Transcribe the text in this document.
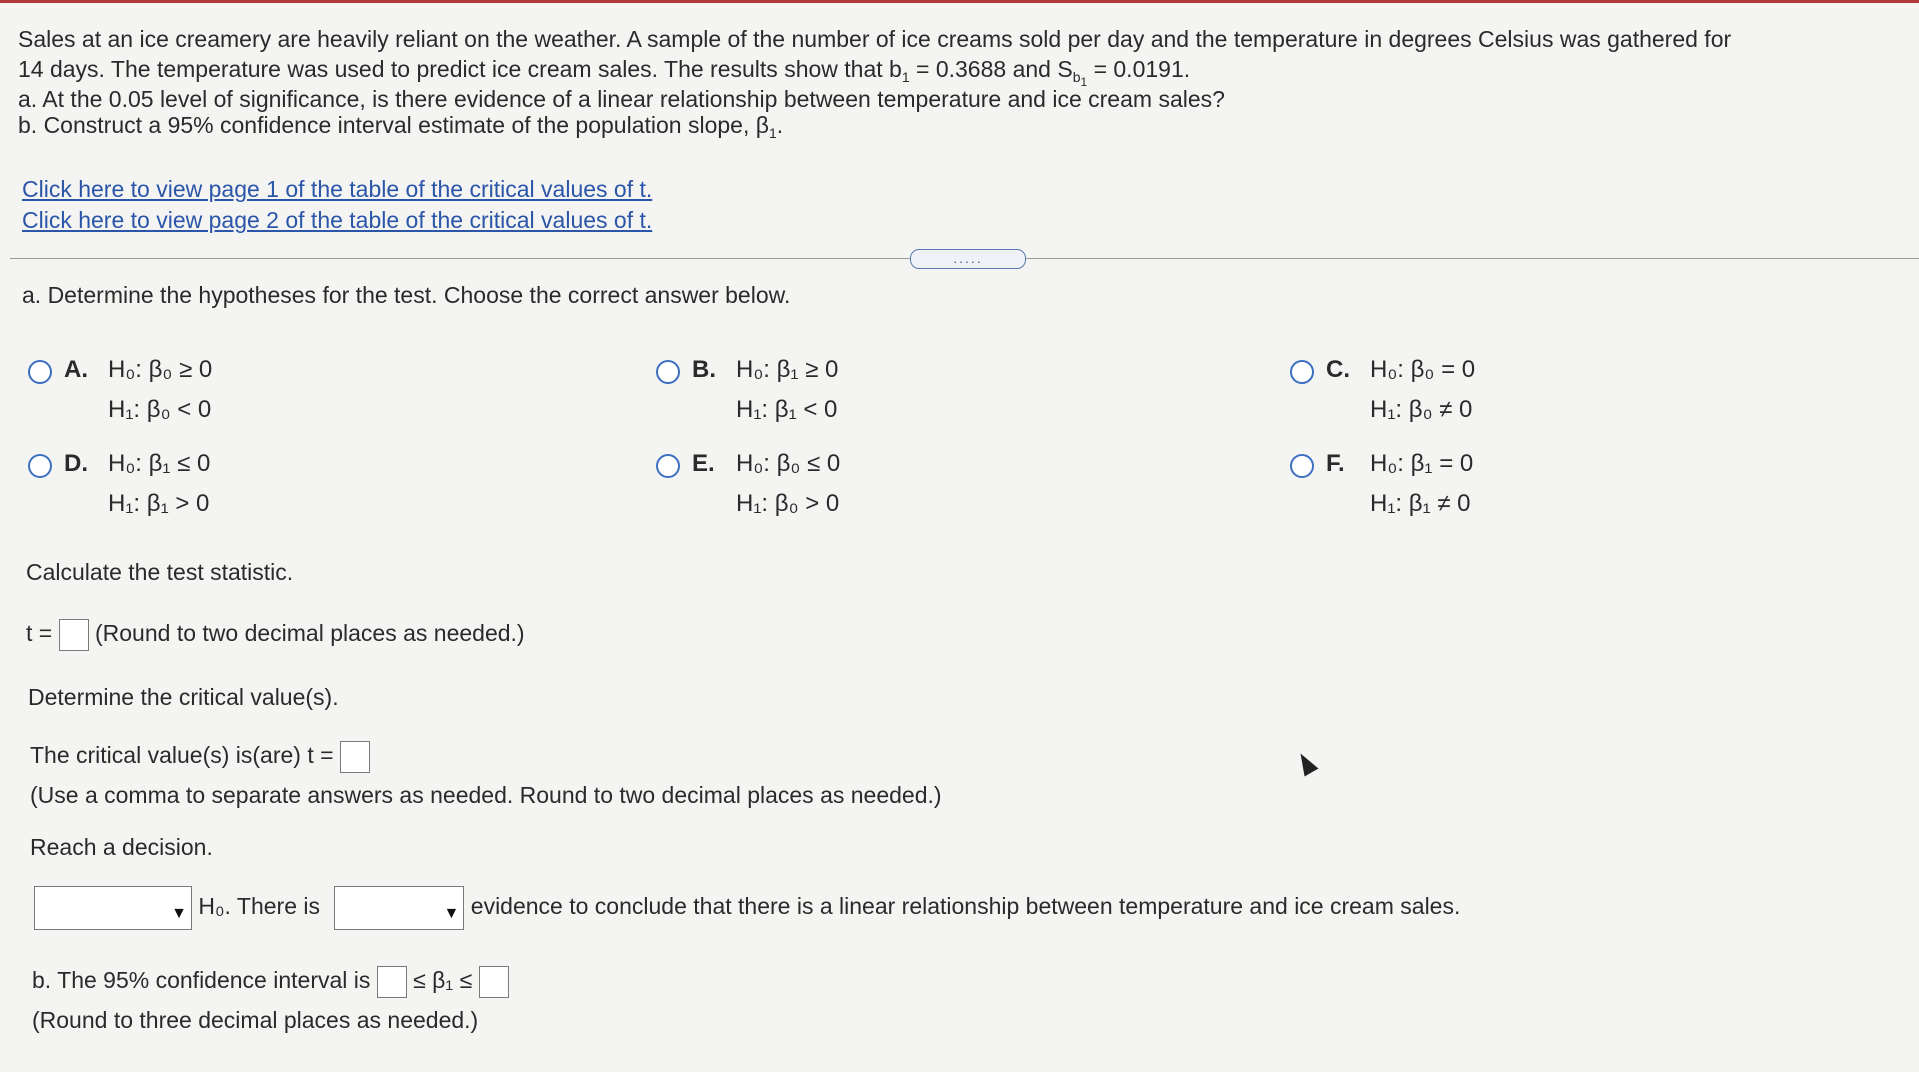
Sales at an ice creamery are heavily reliant on the weather. A sample of the number of ice creams sold per day and the temperature in degrees Celsius was gathered for
14 days. The temperature was used to predict ice cream sales. The results show that $b_1 = 0.3688$ and $S_{b1} = 0.0191$.
a. At the 0.05 level of significance, is there evidence of a linear relationship between temperature and ice cream sales?
b. Construct a 95% confidence interval estimate of the population slope, $\beta_1$.
Click here to view page 1 of the table of the critical values of t.
Click here to view page 2 of the table of the critical values of t.
.....
a. Determine the hypotheses for the test. Choose the correct answer below.
A. H₀: β₀ ≥ 0
H₁: β₀ < 0
B. H₀: β₁ ≥ 0
H₁: β₁ < 0
C. H₀: β₀ = 0
H₁: β₀ ≠ 0
D. H₀: β₁ ≤ 0
H₁: β₁ > 0
E. H₀: β₀ ≤ 0
H₁: β₀ > 0
F. H₀: β₁ = 0
H₁: β₁ ≠ 0
Calculate the test statistic.
t = (Round to two decimal places as needed.)
Determine the critical value(s).
The critical value(s) is(are) t =
(Use a comma to separate answers as needed. Round to two decimal places as needed.)
Reach a decision.
▼ H₀. There is	▼ evidence to conclude that there is a linear relationship between temperature and ice cream sales.
b. The 95% confidence interval is ≤ β₁ ≤
(Round to three decimal places as needed.)
